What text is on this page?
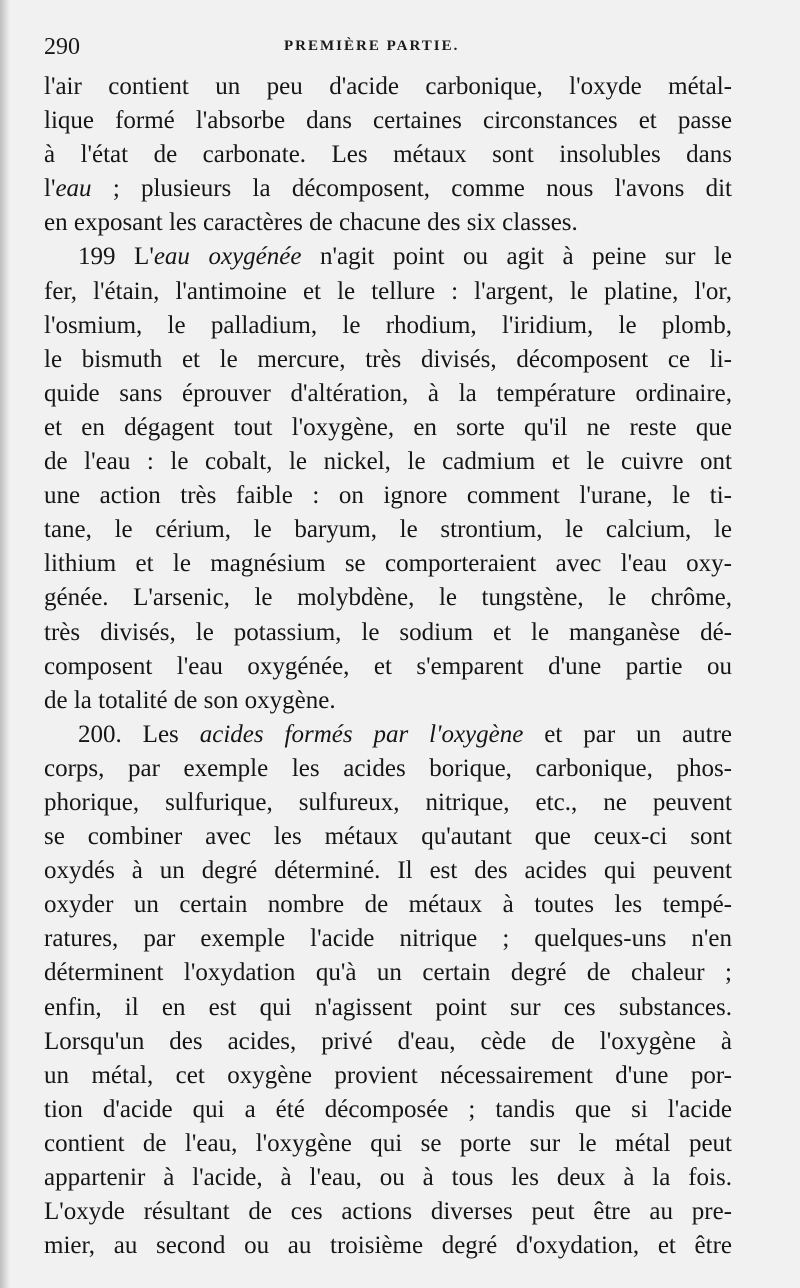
290	PREMIÈRE PARTIE.
l'air contient un peu d'acide carbonique, l'oxyde métal-
lique formé l'absorbe dans certaines circonstances et passe
à l'état de carbonate. Les métaux sont insolubles dans
l'eau ; plusieurs la décomposent, comme nous l'avons dit
en exposant les caractères de chacune des six classes.
199 L'eau oxygénée n'agit point ou agit à peine sur le
fer, l'étain, l'antimoine et le tellure : l'argent, le platine, l'or,
l'osmium, le palladium, le rhodium, l'iridium, le plomb,
le bismuth et le mercure, très divisés, décomposent ce li-
quide sans éprouver d'altération, à la température ordinaire,
et en dégagent tout l'oxygène, en sorte qu'il ne reste que
de l'eau : le cobalt, le nickel, le cadmium et le cuivre ont
une action très faible : on ignore comment l'urane, le ti-
tane, le cérium, le baryum, le strontium, le calcium, le
lithium et le magnésium se comporteraient avec l'eau oxy-
génée. L'arsenic, le molybdène, le tungstène, le chrôme,
très divisés, le potassium, le sodium et le manganèse dé-
composent l'eau oxygénée, et s'emparent d'une partie ou
de la totalité de son oxygène.
200. Les acides formés par l'oxygène et par un autre
corps, par exemple les acides borique, carbonique, phos-
phorique, sulfurique, sulfureux, nitrique, etc., ne peuvent
se combiner avec les métaux qu'autant que ceux-ci sont
oxydés à un degré déterminé. Il est des acides qui peuvent
oxyder un certain nombre de métaux à toutes les tempé-
ratures, par exemple l'acide nitrique ; quelques-uns n'en
déterminent l'oxydation qu'à un certain degré de chaleur ;
enfin, il en est qui n'agissent point sur ces substances.
Lorsqu'un des acides, privé d'eau, cède de l'oxygène à
un métal, cet oxygène provient nécessairement d'une por-
tion d'acide qui a été décomposée ; tandis que si l'acide
contient de l'eau, l'oxygène qui se porte sur le métal peut
appartenir à l'acide, à l'eau, ou à tous les deux à la fois.
L'oxyde résultant de ces actions diverses peut être au pre-
mier, au second ou au troisième degré d'oxydation, et être
